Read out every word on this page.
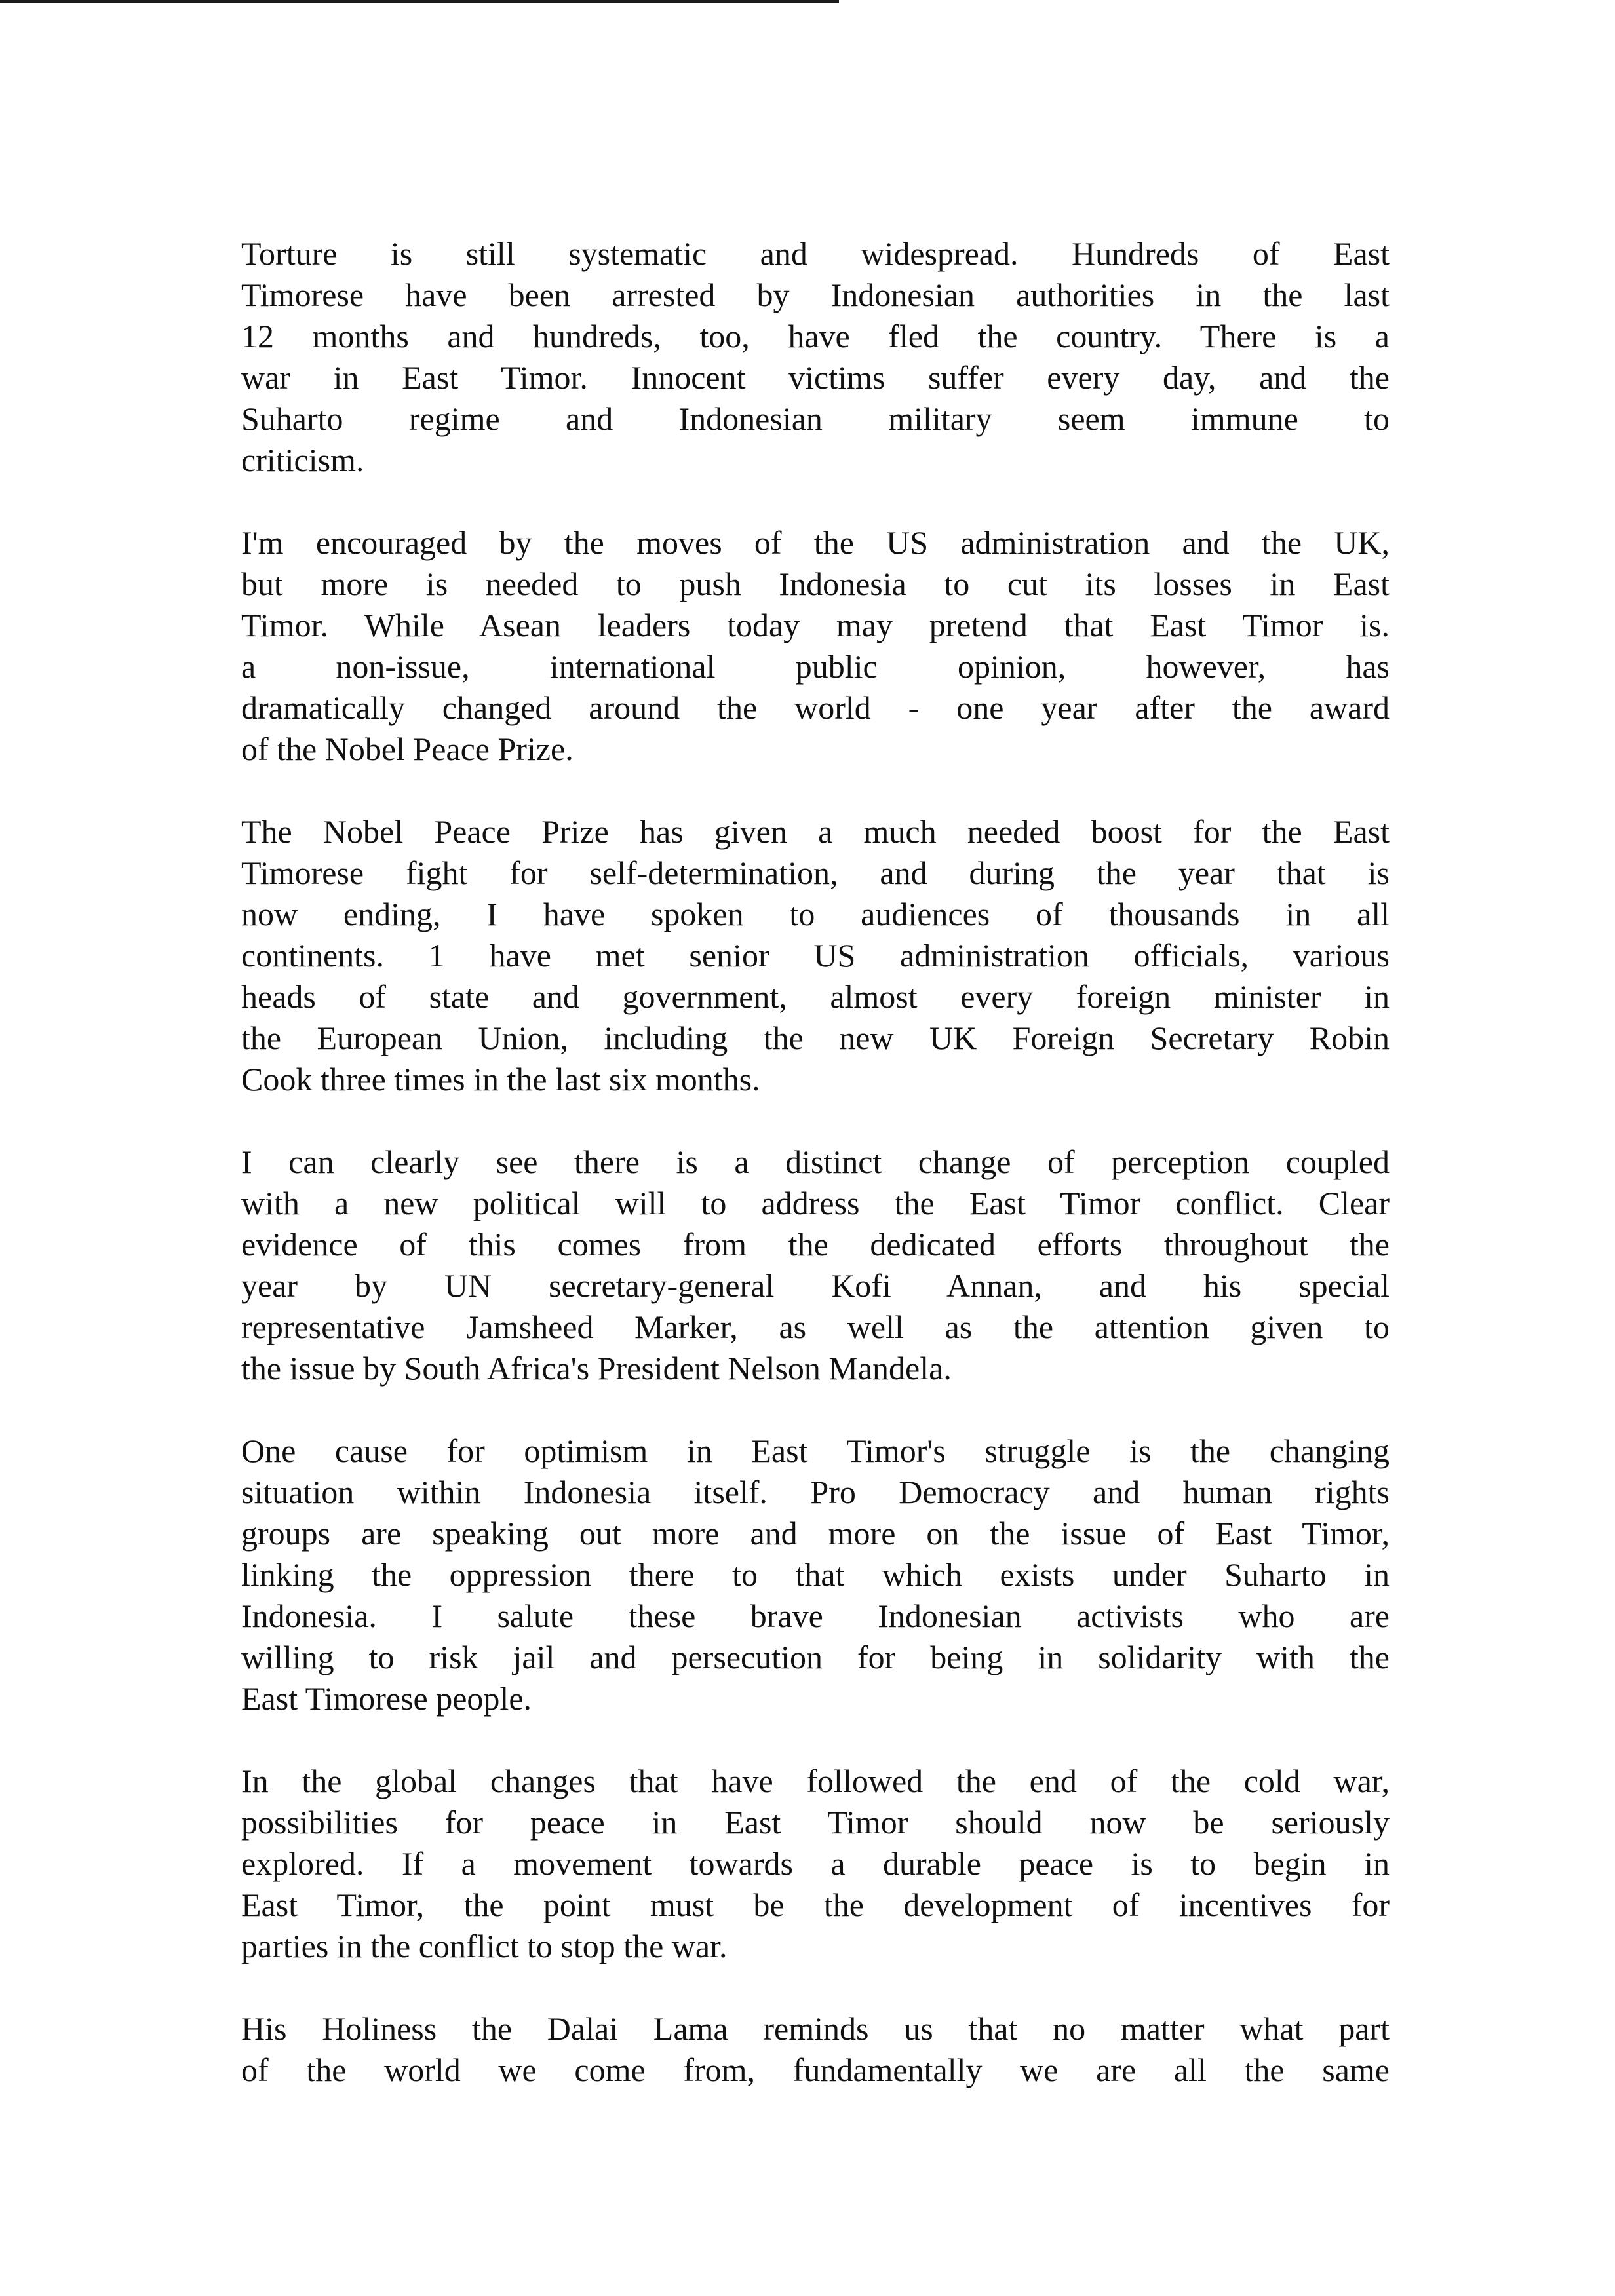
Torture is still systematic and widespread. Hundreds of East
Timorese have been arrested by Indonesian authorities in the last
12 months and hundreds, too, have fled the country. There is a
war in East Timor. Innocent victims suffer every day, and the
Suharto regime and Indonesian military seem immune to
criticism.

I'm encouraged by the moves of the US administration and the UK,
but more is needed to push Indonesia to cut its losses in East
Timor. While Asean leaders today may pretend that East Timor is.
a non-issue, international public opinion, however, has
dramatically changed around the world - one year after the award
of the Nobel Peace Prize.

The Nobel Peace Prize has given a much needed boost for the East
Timorese fight for self-determination, and during the year that is
now ending, I have spoken to audiences of thousands in all
continents. 1 have met senior US administration officials, various
heads of state and government, almost every foreign minister in
the European Union, including the new UK Foreign Secretary Robin
Cook three times in the last six months.

I can clearly see there is a distinct change of perception coupled
with a new political will to address the East Timor conflict. Clear
evidence of this comes from the dedicated efforts throughout the
year by UN secretary-general Kofi Annan, and his special
representative Jamsheed Marker, as well as the attention given to
the issue by South Africa's President Nelson Mandela.

One cause for optimism in East Timor's struggle is the changing
situation within Indonesia itself. Pro Democracy and human rights
groups are speaking out more and more on the issue of East Timor,
linking the oppression there to that which exists under Suharto in
Indonesia. I salute these brave Indonesian activists who are
willing to risk jail and persecution for being in solidarity with the
East Timorese people.

In the global changes that have followed the end of the cold war,
possibilities for peace in East Timor should now be seriously
explored. If a movement towards a durable peace is to begin in
East Timor, the point must be the development of incentives for
parties in the conflict to stop the war.

His Holiness the Dalai Lama reminds us that no matter what part
of the world we come from, fundamentally we are all the same
